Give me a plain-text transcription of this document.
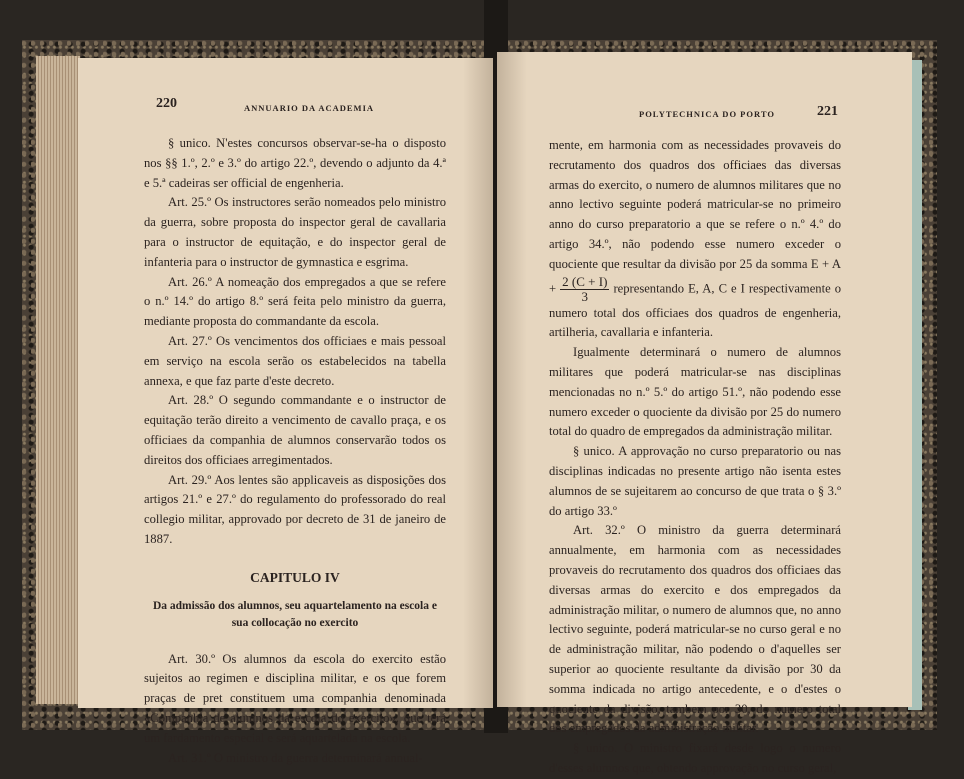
220	ANNUARIO DA ACADEMIA

§ unico. N'estes concursos observar-se-ha o disposto nos §§ 1.º, 2.º e 3.º do artigo 22.º, devendo o adjunto da 4.ª e 5.ª cadeiras ser official de engenheria.

Art. 25.º Os instructores serão nomeados pelo ministro da guerra, sobre proposta do inspector geral de cavallaria para o instructor de equitação, e do inspector geral de infanteria para o instructor de gymnastica e esgrima.

Art. 26.º A nomeação dos empregados a que se refere o n.º 14.º do artigo 8.º será feita pelo ministro da guerra, mediante proposta do commandante da escola.

Art. 27.º Os vencimentos dos officiaes e mais pessoal em serviço na escola serão os estabelecidos na tabella annexa, e que faz parte d'este decreto.

Art. 28.º O segundo commandante e o instructor de equitação terão direito a vencimento de cavallo praça, e os officiaes da companhia de alumnos conservarão todos os direitos dos officiaes arregimentados.

Art. 29.º Aos lentes são applicaveis as disposições dos artigos 21.º e 27.º do regulamento do professorado do real collegio militar, approvado por decreto de 31 de janeiro de 1887.

CAPITULO IV

Da admissão dos alumnos, seu aquartelamento na escola e sua collocação no exercito

Art. 30.º Os alumnos da escola do exercito estão sujeitos ao regimen e disciplina militar, e os que forem praças de pret constituem uma companhia denominada «Companhia de alumnos da escola do exercito», que terá um fardamento especial e será aquartelada na escola.

Art. 31.º O ministro da guerra determinará annual-

POLYTECHNICA DO PORTO	221

mente, em harmonia com as necessidades provaveis do recrutamento dos quadros dos officiaes das diversas armas do exercito, o numero de alumnos militares que no anno lectivo seguinte poderá matricular-se no primeiro anno do curso preparatorio a que se refere o n.º 4.º do artigo 34.º, não podendo esse numero exceder o quociente que resultar da divisão por 25 da somma $E + A + \frac{2 (C + I)}{3}$ representando E, A, C e I respectivamente o numero total dos officiaes dos quadros de engenheria, artilheria, cavallaria e infanteria.

Igualmente determinará o numero de alumnos militares que poderá matricular-se nas disciplinas mencionadas no n.º 5.º do artigo 51.º, não podendo esse numero exceder o quociente da divisão por 25 do numero total do quadro de empregados da administração militar.

§ unico. A approvação no curso preparatorio ou nas disciplinas indicadas no presente artigo não isenta estes alumnos de se sujeitarem ao concurso de que trata o § 3.º do artigo 33.º

Art. 32.º O ministro da guerra determinará annualmente, em harmonia com as necessidades provaveis do recrutamento dos quadros dos officiaes das diversas armas do exercito e dos empregados da administração militar, o numero de alumnos que, no anno lectivo seguinte, poderá matricular-se no curso geral e no de administração militar, não podendo o d'aquelles ser superior ao quociente resultante da divisão por 30 da somma indicada no artigo antecedente, e o d'estes o quociente da divisão, tambem por 30, do numero total dos empregados da administração militar.

§ unico. O ministro fixará desde logo o numero d'esses alumnos que, obtendo approvação no curso geral,
